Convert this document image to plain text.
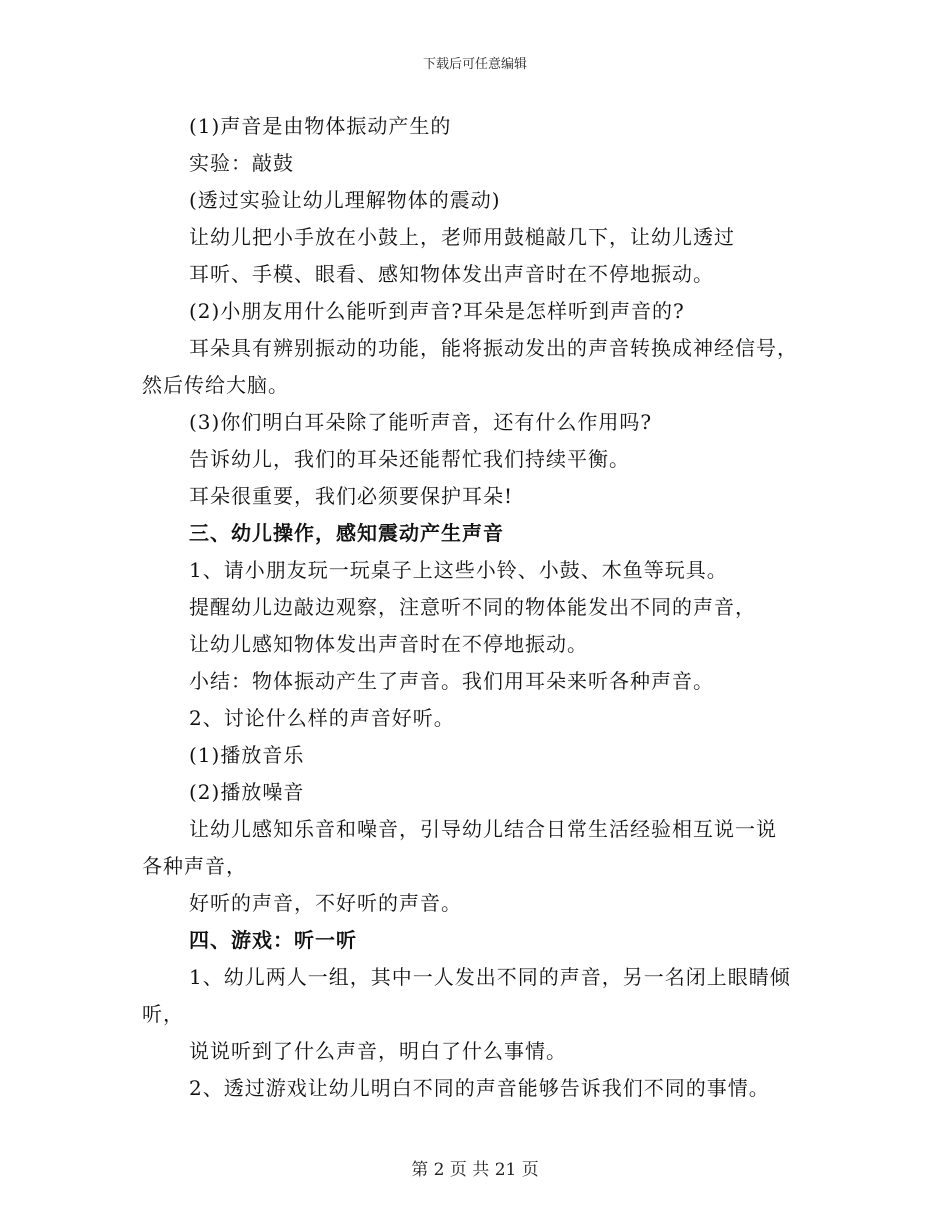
下载后可任意编辑
(1)声音是由物体振动产生的
实验：敲鼓
(透过实验让幼儿理解物体的震动)
让幼儿把小手放在小鼓上，老师用鼓槌敲几下，让幼儿透过
耳听、手模、眼看、感知物体发出声音时在不停地振动。
(2)小朋友用什么能听到声音?耳朵是怎样听到声音的?
耳朵具有辨别振动的功能，能将振动发出的声音转换成神经信号，
然后传给大脑。
(3)你们明白耳朵除了能听声音，还有什么作用吗?
告诉幼儿，我们的耳朵还能帮忙我们持续平衡。
耳朵很重要，我们必须要保护耳朵!
三、幼儿操作，感知震动产生声音
1、请小朋友玩一玩桌子上这些小铃、小鼓、木鱼等玩具。
提醒幼儿边敲边观察，注意听不同的物体能发出不同的声音，
让幼儿感知物体发出声音时在不停地振动。
小结：物体振动产生了声音。我们用耳朵来听各种声音。
2、讨论什么样的声音好听。
(1)播放音乐
(2)播放噪音
让幼儿感知乐音和噪音，引导幼儿结合日常生活经验相互说一说
各种声音，
好听的声音，不好听的声音。
四、游戏：听一听
1、幼儿两人一组，其中一人发出不同的声音，另一名闭上眼睛倾
听，
说说听到了什么声音，明白了什么事情。
2、透过游戏让幼儿明白不同的声音能够告诉我们不同的事情。
第 2 页 共 21 页
